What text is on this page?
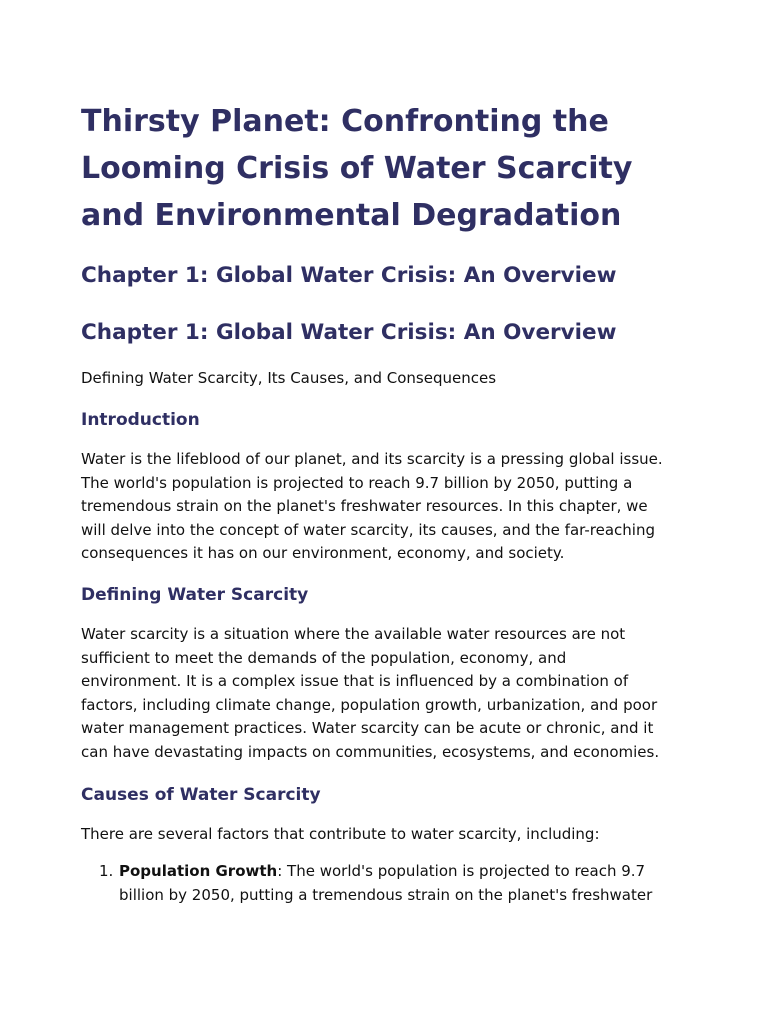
Thirsty Planet: Confronting the
Looming Crisis of Water Scarcity
and Environmental Degradation
Chapter 1: Global Water Crisis: An Overview
Chapter 1: Global Water Crisis: An Overview

Defining Water Scarcity, Its Causes, and Consequences

Introduction

Water is the lifeblood of our planet, and its scarcity is a pressing global issue.
The world's population is projected to reach 9.7 billion by 2050, putting a
tremendous strain on the planet's freshwater resources. In this chapter, we
will delve into the concept of water scarcity, its causes, and the far-reaching
consequences it has on our environment, economy, and society.

Defining Water Scarcity

Water scarcity is a situation where the available water resources are not
sufficient to meet the demands of the population, economy, and
environment. It is a complex issue that is influenced by a combination of
factors, including climate change, population growth, urbanization, and poor
water management practices. Water scarcity can be acute or chronic, and it
can have devastating impacts on communities, ecosystems, and economies.

Causes of Water Scarcity

There are several factors that contribute to water scarcity, including:

1. Population Growth: The world's population is projected to reach 9.7
billion by 2050, putting a tremendous strain on the planet's freshwater
